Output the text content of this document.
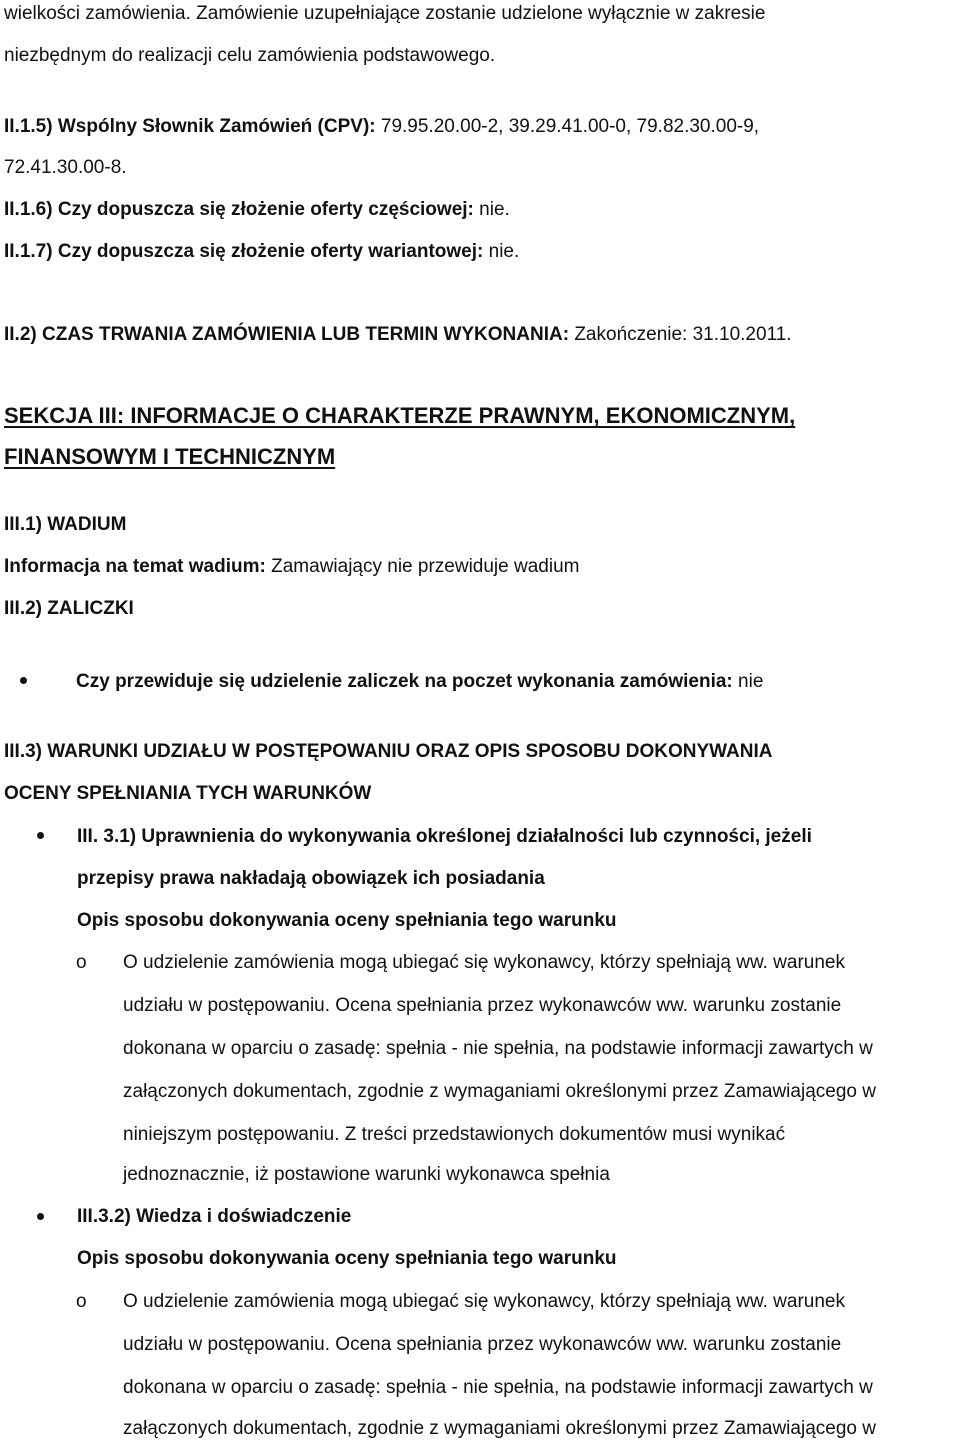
wielkości zamówienia. Zamówienie uzupełniające zostanie udzielone wyłącznie w zakresie
niezbędnym do realizacji celu zamówienia podstawowego.
II.1.5) Wspólny Słownik Zamówień (CPV): 79.95.20.00-2, 39.29.41.00-0, 79.82.30.00-9,
72.41.30.00-8.
II.1.6) Czy dopuszcza się złożenie oferty częściowej: nie.
II.1.7) Czy dopuszcza się złożenie oferty wariantowej: nie.
II.2) CZAS TRWANIA ZAMÓWIENIA LUB TERMIN WYKONANIA: Zakończenie: 31.10.2011.
SEKCJA III: INFORMACJE O CHARAKTERZE PRAWNYM, EKONOMICZNYM,
FINANSOWYM I TECHNICZNYM
III.1) WADIUM
Informacja na temat wadium: Zamawiający nie przewiduje wadium
III.2) ZALICZKI
Czy przewiduje się udzielenie zaliczek na poczet wykonania zamówienia: nie
III.3) WARUNKI UDZIAŁU W POSTĘPOWANIU ORAZ OPIS SPOSOBU DOKONYWANIA
OCENY SPEŁNIANIA TYCH WARUNKÓW
III. 3.1) Uprawnienia do wykonywania określonej działalności lub czynności, jeżeli
przepisy prawa nakładają obowiązek ich posiadania
Opis sposobu dokonywania oceny spełniania tego warunku
o O udzielenie zamówienia mogą ubiegać się wykonawcy, którzy spełniają ww. warunek
udziału w postępowaniu. Ocena spełniania przez wykonawców ww. warunku zostanie
dokonana w oparciu o zasadę: spełnia - nie spełnia, na podstawie informacji zawartych w
załączonych dokumentach, zgodnie z wymaganiami określonymi przez Zamawiającego w
niniejszym postępowaniu. Z treści przedstawionych dokumentów musi wynikać
jednoznacznie, iż postawione warunki wykonawca spełnia
III.3.2) Wiedza i doświadczenie
Opis sposobu dokonywania oceny spełniania tego warunku
o O udzielenie zamówienia mogą ubiegać się wykonawcy, którzy spełniają ww. warunek
udziału w postępowaniu. Ocena spełniania przez wykonawców ww. warunku zostanie
dokonana w oparciu o zasadę: spełnia - nie spełnia, na podstawie informacji zawartych w
załączonych dokumentach, zgodnie z wymaganiami określonymi przez Zamawiającego w
